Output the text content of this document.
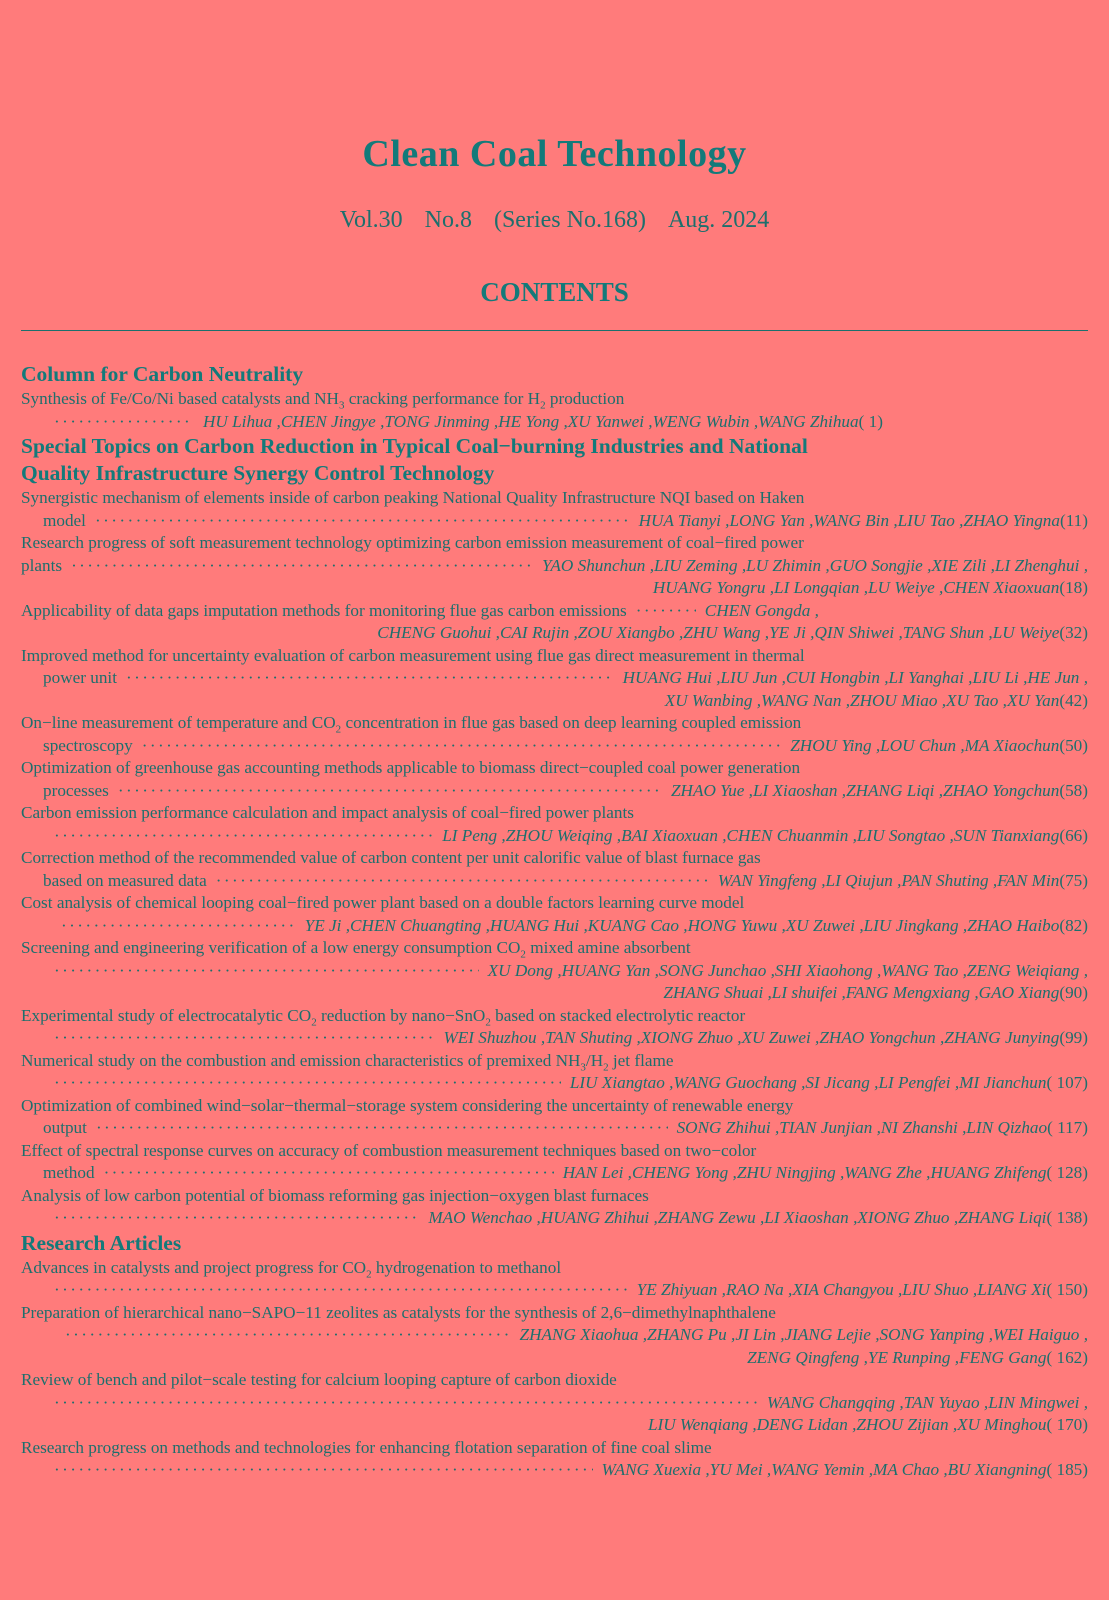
Clean Coal Technology
Vol.30 No.8 (Series No.168) Aug. 2024
CONTENTS
Column for Carbon Neutrality
Synthesis of Fe/Co/Ni based catalysts and $NH_3$ cracking performance for $H_2$ production
·····
HU Lihua ,CHEN Jingye ,TONG Jinming ,HE Yong ,XU Yanwei ,WENG Wubin ,WANG Zhihua ( 1)
Special Topics on Carbon Reduction in Typical Coal−burning Industries and National
Quality Infrastructure Synergy Control Technology
Synergistic mechanism of elements inside of carbon peaking National Quality Infrastructure NQI based on Haken
model ·····	HUA Tianyi ,LONG Yan ,WANG Bin ,LIU Tao ,ZHAO Yingna (11)
Research progress of soft measurement technology optimizing carbon emission measurement of coal−fired power
plants ·····	YAO Shunchun ,LIU Zeming ,LU Zhimin ,GUO Songjie ,XIE Zili ,LI Zhenghui ,
HUANG Yongru ,LI Longqian ,LU Weiye ,CHEN Xiaoxuan(18)
Applicability of data gaps imputation methods for monitoring flue gas carbon emissions ·····	CHEN Gongda ,
CHENG Guohui ,CAI Rujin ,ZOU Xiangbo ,ZHU Wang ,YE Ji ,QIN Shiwei ,TANG Shun ,LU Weiye(32)
Improved method for uncertainty evaluation of carbon measurement using flue gas direct measurement in thermal
power unit ·····	HUANG Hui ,LIU Jun ,CUI Hongbin ,LI Yanghai ,LIU Li ,HE Jun ,
XU Wanbing ,WANG Nan ,ZHOU Miao ,XU Tao ,XU Yan(42)
On−line measurement of temperature and $CO_2$ concentration in flue gas based on deep learning coupled emission
spectroscopy ·····	ZHOU Ying ,LOU Chun ,MA Xiaochun (50)
Optimization of greenhouse gas accounting methods applicable to biomass direct−coupled coal power generation
processes ·····	ZHAO Yue ,LI Xiaoshan ,ZHANG Liqi ,ZHAO Yongchun (58)
Carbon emission performance calculation and impact analysis of coal−fired power plants
·····
LI Peng ,ZHOU Weiqing ,BAI Xiaoxuan ,CHEN Chuanmin ,LIU Songtao ,SUN Tianxiang (66)
Correction method of the recommended value of carbon content per unit calorific value of blast furnace gas
based on measured data ·····	WAN Yingfeng ,LI Qiujun ,PAN Shuting ,FAN Min (75)
Cost analysis of chemical looping coal−fired power plant based on a double factors learning curve model
·····
YE Ji ,CHEN Chuangting ,HUANG Hui ,KUANG Cao ,HONG Yuwu ,XU Zuwei ,LIU Jingkang ,ZHAO Haibo (82)
Screening and engineering verification of a low energy consumption $CO_2$ mixed amine absorbent
·····
XU Dong ,HUANG Yan ,SONG Junchao ,SHI Xiaohong ,WANG Tao ,ZENG Weiqiang ,
ZHANG Shuai ,LI shuifei ,FANG Mengxiang ,GAO Xiang(90)
Experimental study of electrocatalytic $CO_2$ reduction by nano−SnO$_2$ based on stacked electrolytic reactor
·····
WEI Shuzhou ,TAN Shuting ,XIONG Zhuo ,XU Zuwei ,ZHAO Yongchun ,ZHANG Junying (99)
Numerical study on the combustion and emission characteristics of premixed $NH_3/H_2$ jet flame
·····
LIU Xiangtao ,WANG Guochang ,SI Jicang ,LI Pengfei ,MI Jianchun ( 107)
Optimization of combined wind−solar−thermal−storage system considering the uncertainty of renewable energy
output ·····	SONG Zhihui ,TIAN Junjian ,NI Zhanshi ,LIN Qizhao ( 117)
Effect of spectral response curves on accuracy of combustion measurement techniques based on two−color
method ·····	HAN Lei ,CHENG Yong ,ZHU Ningjing ,WANG Zhe ,HUANG Zhifeng ( 128)
Analysis of low carbon potential of biomass reforming gas injection−oxygen blast furnaces
·····
MAO Wenchao ,HUANG Zhihui ,ZHANG Zewu ,LI Xiaoshan ,XIONG Zhuo ,ZHANG Liqi ( 138)
Research Articles
Advances in catalysts and project progress for $CO_2$ hydrogenation to methanol
·····
YE Zhiyuan ,RAO Na ,XIA Changyou ,LIU Shuo ,LIANG Xi ( 150)
Preparation of hierarchical nano−SAPO−11 zeolites as catalysts for the synthesis of 2,6−dimethylnaphthalene
·····
ZHANG Xiaohua ,ZHANG Pu ,JI Lin ,JIANG Lejie ,SONG Yanping ,WEI Haiguo ,
ZENG Qingfeng ,YE Runping ,FENG Gang( 162)
Review of bench and pilot−scale testing for calcium looping capture of carbon dioxide
·····
WANG Changqing ,TAN Yuyao ,LIN Mingwei ,
LIU Wenqiang ,DENG Lidan ,ZHOU Zijian ,XU Minghou( 170)
Research progress on methods and technologies for enhancing flotation separation of fine coal slime
·····
WANG Xuexia ,YU Mei ,WANG Yemin ,MA Chao ,BU Xiangning ( 185)
